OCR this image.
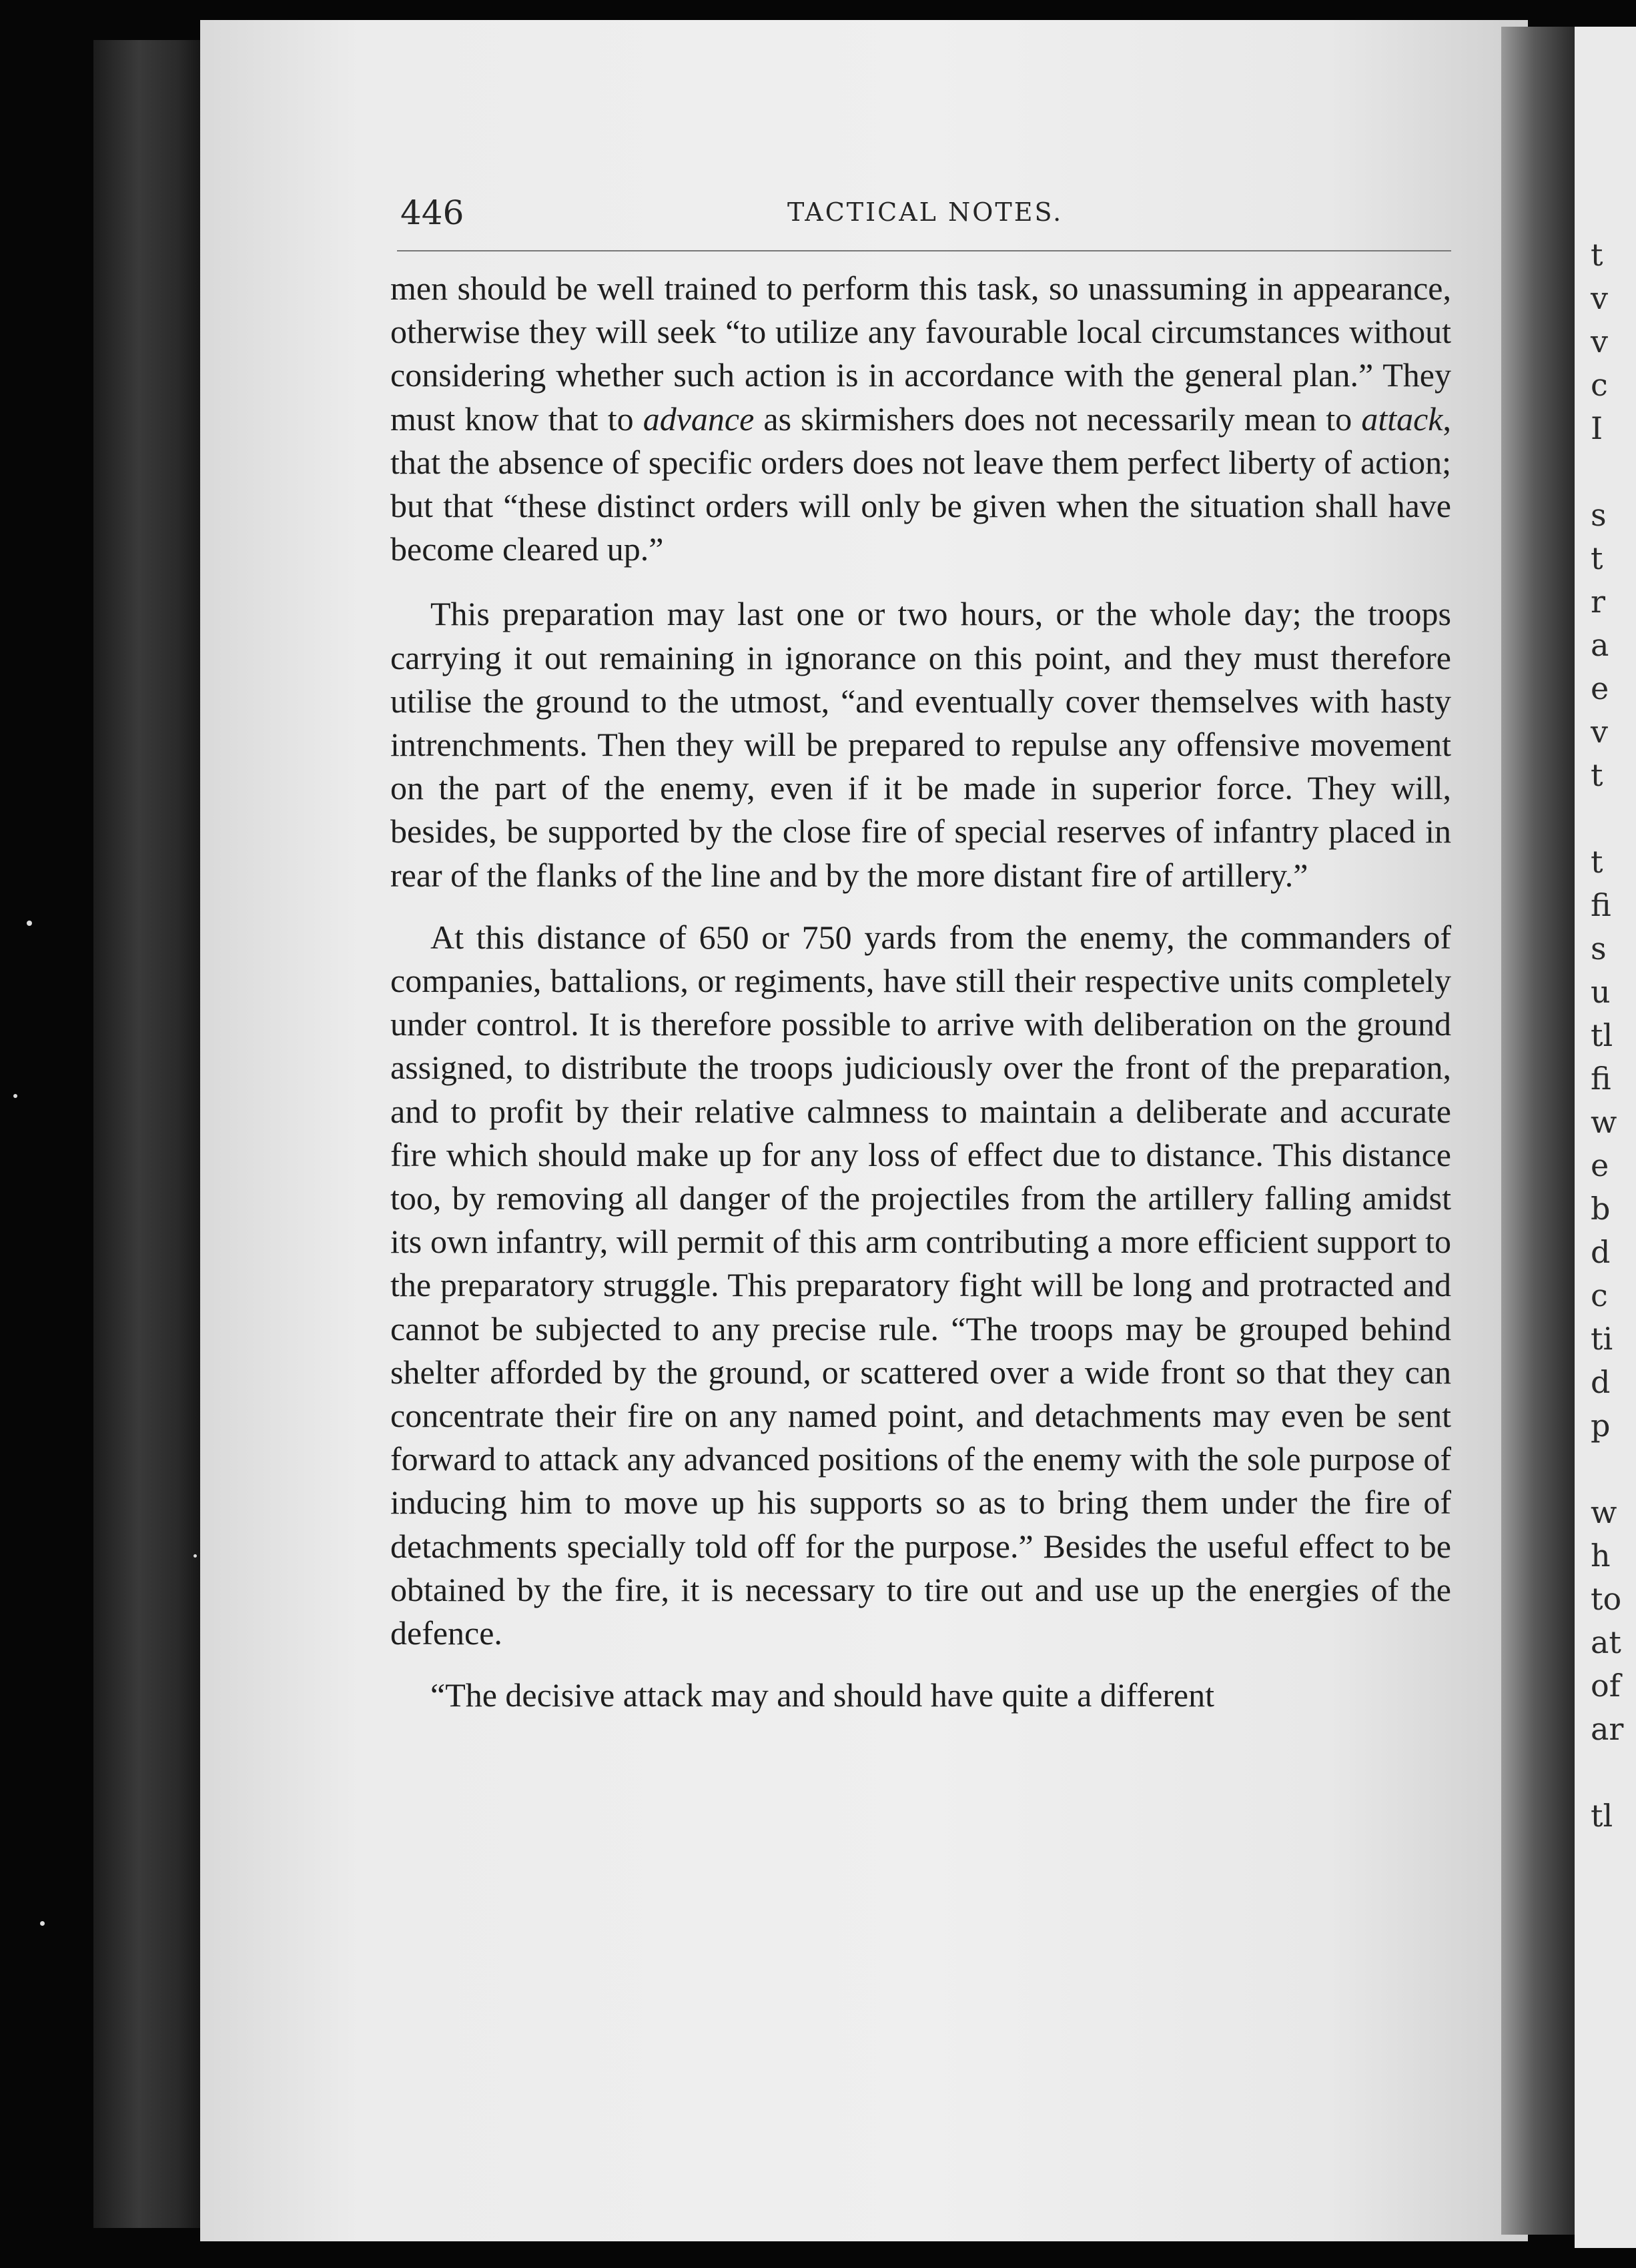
t
v
v
c
I
s
t
r
a
e
v
t
t
fi
s
u
tl
fi
w
e
b
d
c
ti
d
p
w
h
to
at
of
ar
tl
446	TACTICAL NOTES.

men should be well trained to perform this task, so unassuming in appearance, otherwise they will seek “to utilize any favourable local circumstances without considering whether such action is in accordance with the general plan.” They must know that to advance as skirmishers does not necessarily mean to attack, that the absence of specific orders does not leave them perfect liberty of action; but that “these distinct orders will only be given when the situation shall have become cleared up.”

This preparation may last one or two hours, or the whole day; the troops carrying it out remaining in ignorance on this point, and they must therefore utilise the ground to the utmost, “and eventually cover themselves with hasty intrenchments. Then they will be prepared to repulse any offensive movement on the part of the enemy, even if it be made in superior force. They will, besides, be supported by the close fire of special reserves of infantry placed in rear of the flanks of the line and by the more distant fire of artillery.”

At this distance of 650 or 750 yards from the enemy, the commanders of companies, battalions, or regiments, have still their respective units completely under control. It is therefore possible to arrive with deliberation on the ground assigned, to distribute the troops judiciously over the front of the preparation, and to profit by their relative calmness to maintain a deliberate and accurate fire which should make up for any loss of effect due to distance. This distance too, by removing all danger of the projectiles from the artillery falling amidst its own infantry, will permit of this arm contributing a more efficient support to the preparatory struggle. This preparatory fight will be long and protracted and cannot be subjected to any precise rule. “The troops may be grouped behind shelter afforded by the ground, or scattered over a wide front so that they can concentrate their fire on any named point, and detachments may even be sent forward to attack any advanced positions of the enemy with the sole purpose of inducing him to move up his supports so as to bring them under the fire of detachments specially told off for the purpose.” Besides the useful effect to be obtained by the fire, it is necessary to tire out and use up the energies of the defence.

“The decisive attack may and should have quite a different
